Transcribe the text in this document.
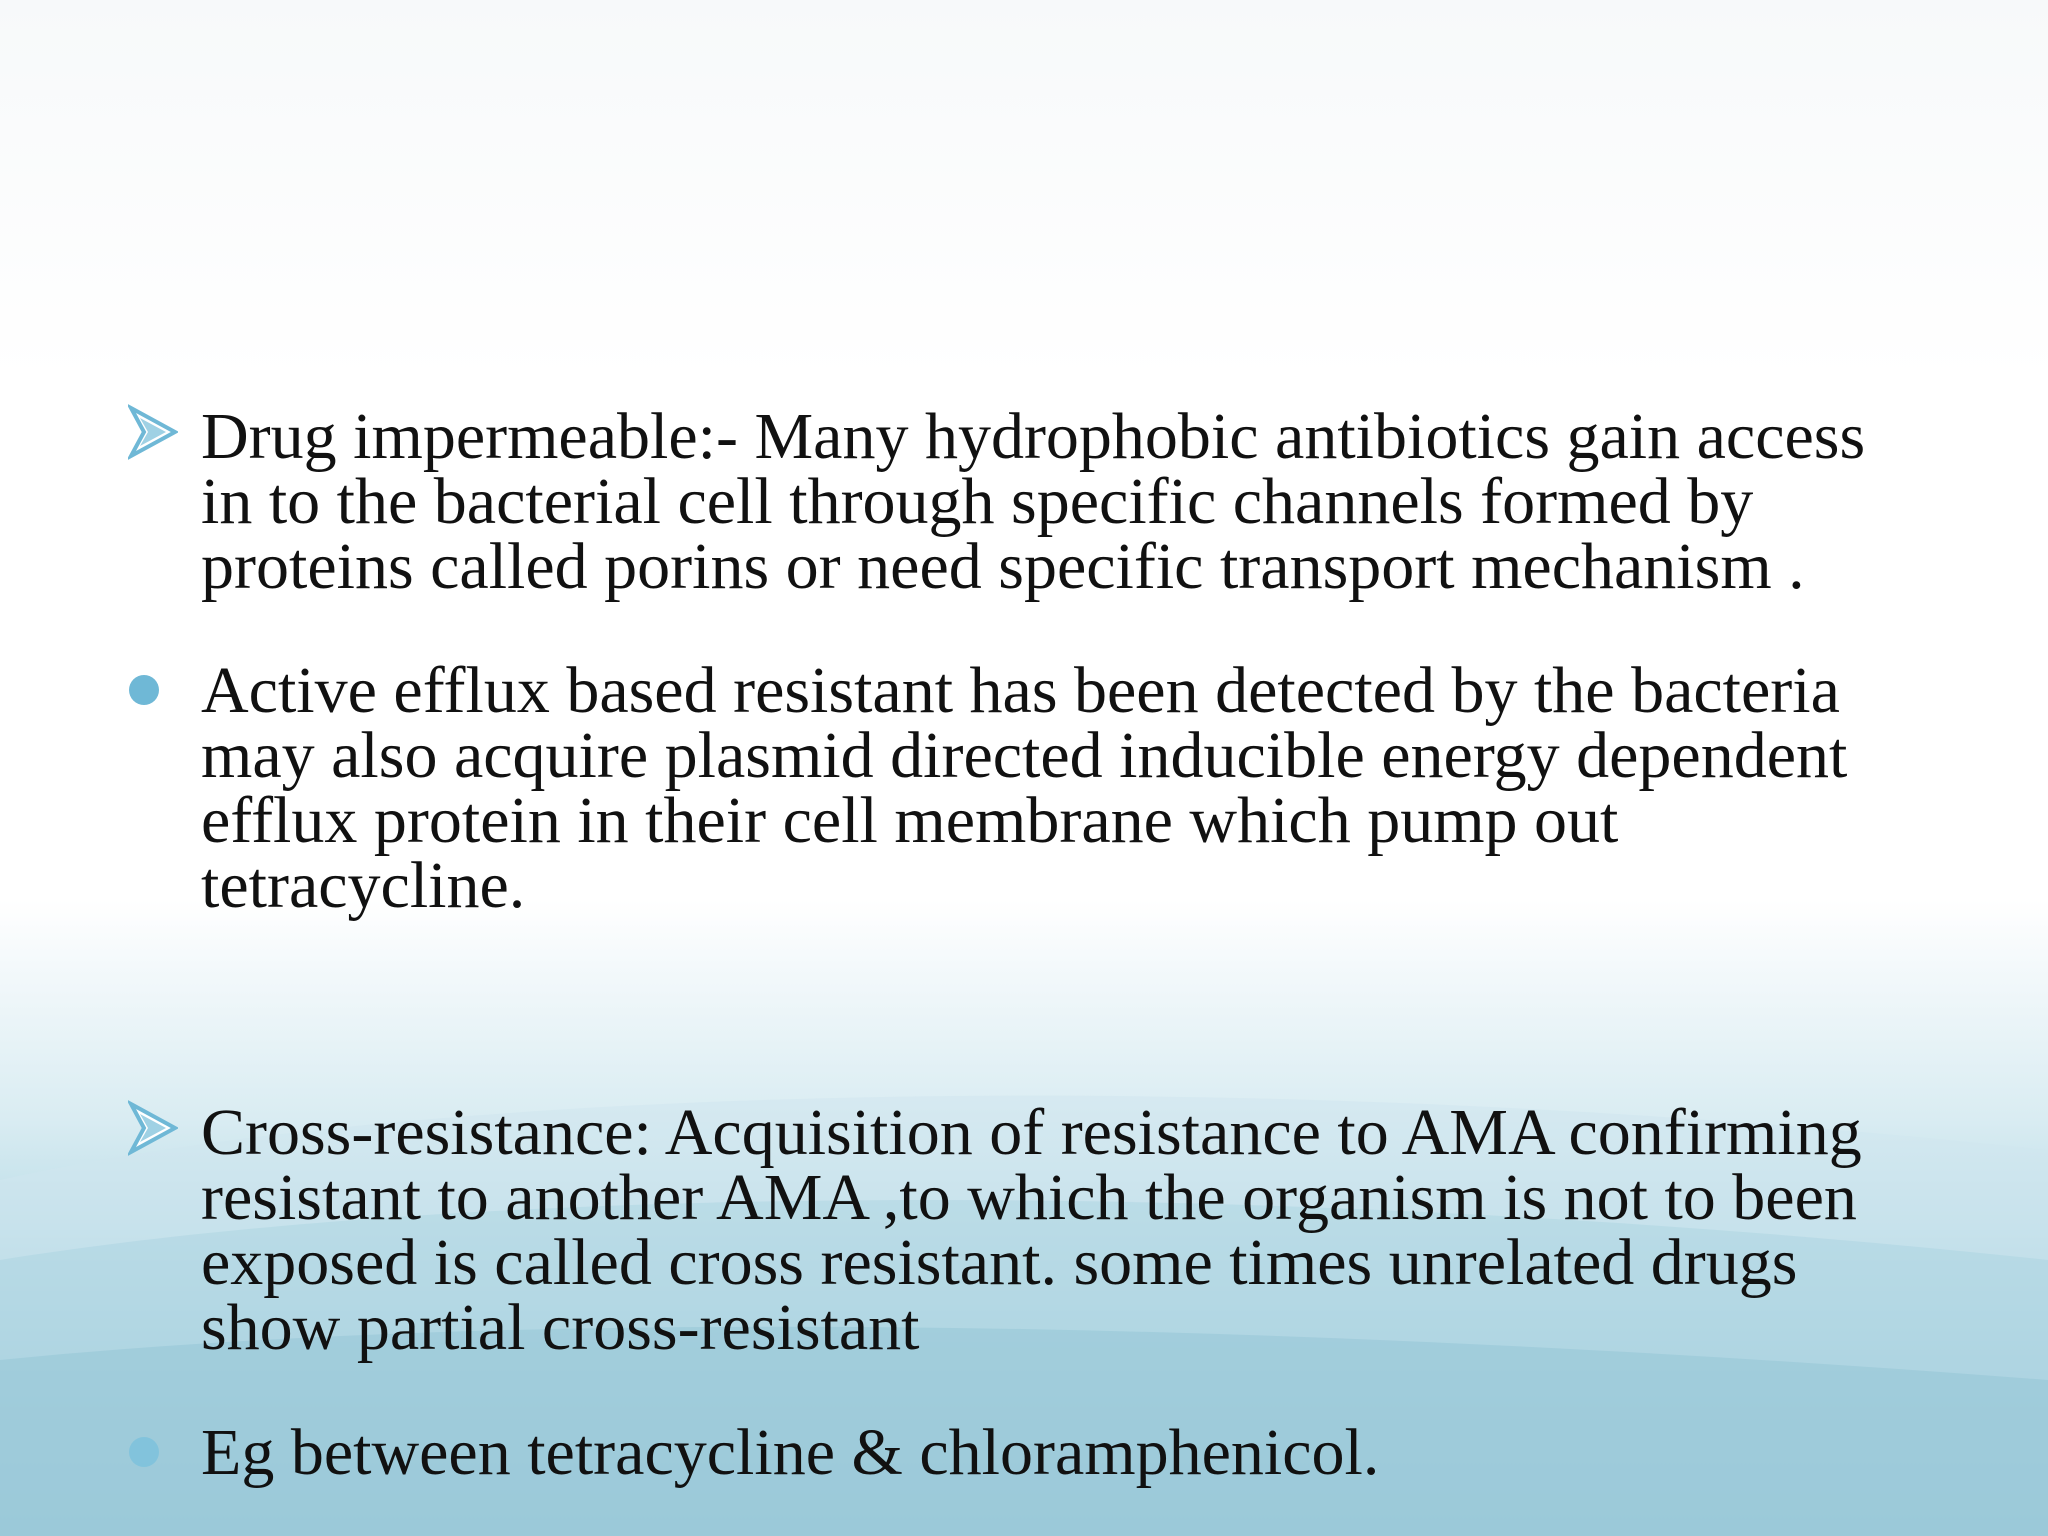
Drug impermeable:- Many hydrophobic antibiotics gain access
in to the bacterial cell through specific channels formed by
proteins called porins or need specific transport mechanism .
Active efflux based resistant has been detected by the bacteria
may also acquire plasmid directed inducible energy dependent
efflux protein in their cell membrane which pump out
tetracycline.
Cross-resistance: Acquisition of resistance to AMA confirming
resistant to another AMA ,to which the organism is not to been
exposed is called cross resistant. some times unrelated drugs
show partial cross-resistant
Eg between tetracycline & chloramphenicol.
